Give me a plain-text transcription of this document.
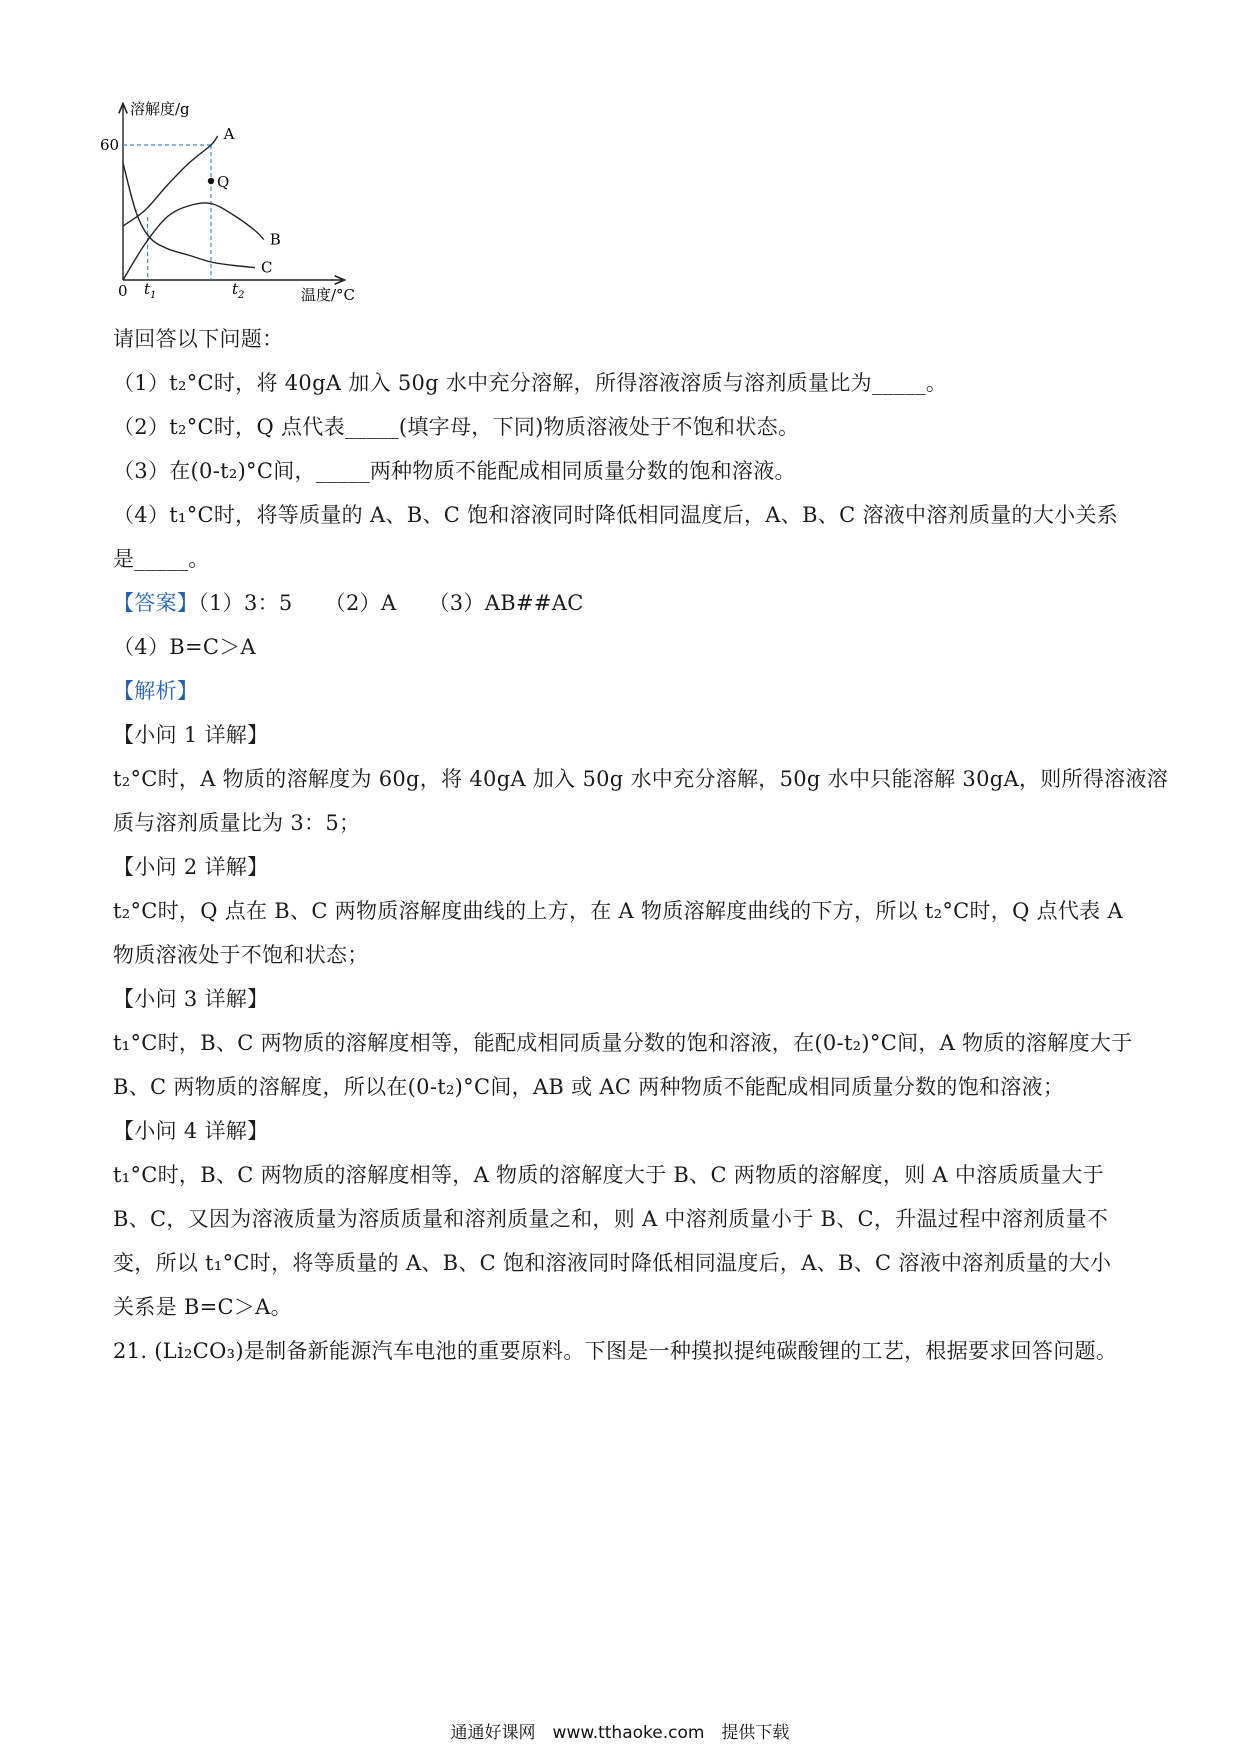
溶解度/g
温度/°C
60
0 $t_1$	$t_2$
A
B
C
Q
请回答以下问题：
（1）t₂°C时，将 40gA 加入 50g 水中充分溶解，所得溶液溶质与溶剂质量比为_____。
（2）t₂°C时，Q 点代表_____(填字母，下同)物质溶液处于不饱和状态。
（3）在(0-t₂)°C间，_____两种物质不能配成相同质量分数的饱和溶液。
（4）t₁°C时，将等质量的 A、B、C 饱和溶液同时降低相同温度后，A、B、C 溶液中溶剂质量的大小关系
是_____。
【答案】（1）3：5　　（2）A　　（3）AB##AC
（4）B=C＞A
【解析】
【小问 1 详解】
t₂°C时，A 物质的溶解度为 60g，将 40gA 加入 50g 水中充分溶解，50g 水中只能溶解 30gA，则所得溶液溶
质与溶剂质量比为 3：5；
【小问 2 详解】
t₂°C时，Q 点在 B、C 两物质溶解度曲线的上方，在 A 物质溶解度曲线的下方，所以 t₂°C时，Q 点代表 A
物质溶液处于不饱和状态；
【小问 3 详解】
t₁°C时，B、C 两物质的溶解度相等，能配成相同质量分数的饱和溶液，在(0-t₂)°C间，A 物质的溶解度大于
B、C 两物质的溶解度，所以在(0-t₂)°C间，AB 或 AC 两种物质不能配成相同质量分数的饱和溶液；
【小问 4 详解】
t₁°C时，B、C 两物质的溶解度相等，A 物质的溶解度大于 B、C 两物质的溶解度，则 A 中溶质质量大于
B、C，又因为溶液质量为溶质质量和溶剂质量之和，则 A 中溶剂质量小于 B、C，升温过程中溶剂质量不
变，所以 t₁°C时，将等质量的 A、B、C 饱和溶液同时降低相同温度后，A、B、C 溶液中溶剂质量的大小
关系是 B=C＞A。
21. (Li₂CO₃)是制备新能源汽车电池的重要原料。下图是一种摸拟提纯碳酸锂的工艺，根据要求回答问题。
通通好课网　www.tthaoke.com　提供下载
